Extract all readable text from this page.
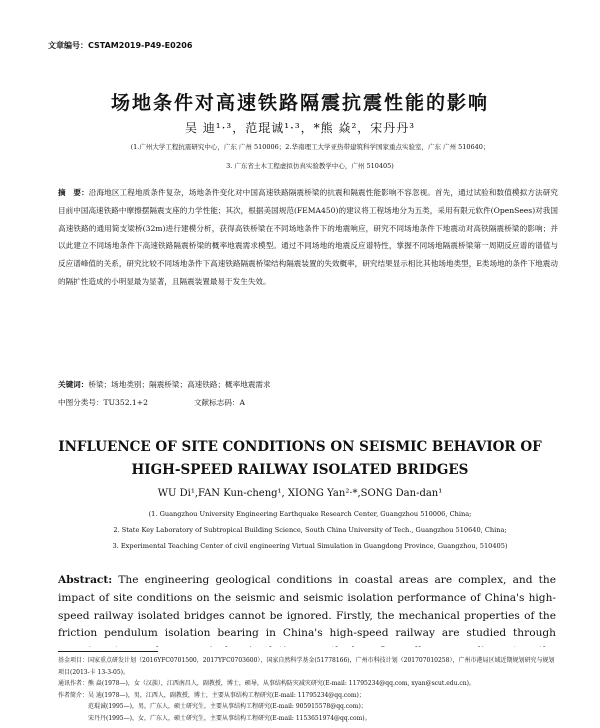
文章编号：CSTAM2019-P49-E0206
场地条件对高速铁路隔震抗震性能的影响
吴 迪¹·³，范琨诚¹·³，*熊 焱²，宋丹丹³
(1.广州大学工程抗震研究中心，广东 广州 510006；2.华南理工大学亚热带建筑科学国家重点实验室，广东 广州 510640；
3. 广东省土木工程虚拟仿真实验教学中心，广州 510405)
摘　要：沿海地区工程地质条件复杂，场地条件变化对中国高速铁路隔震桥梁的抗震和隔震性能影响不容忽视。首先，通过试验和数值模拟方法研究目前中国高速铁路中摩擦摆隔震支座的力学性能；其次，根据美国规范(FEMA450)的建议将工程场地分为五类，采用有限元软件(OpenSees)对我国高速铁路的通用简支梁桥(32m)进行建模分析，获得高铁桥梁在不同场地条件下的地震响应，研究不同场地条件下地震动对高铁隔震桥梁的影响；并以此建立不同场地条件下高速铁路隔震桥梁的概率地震需求模型。通过不同场地的地震反应谱特性，掌握不同场地隔震桥梁第一周期反应谱的谱值与反应谱峰值的关系，研究比较不同场地条件下高速铁路隔震桥梁结构隔震装置的失效概率，研究结果显示相比其他场地类型，E类场地的条件下地震动的隔扩性造成的小明显最为显著，且隔震装置最易于发生失效。
关键词：桥梁；场地类别；隔震桥梁；高速铁路；概率地震需求
中图分类号：TU352.1+2	文献标志码：A
INFLUENCE OF SITE CONDITIONS ON SEISMIC BEHAVIOR OF
HIGH-SPEED RAILWAY ISOLATED BRIDGES
WU Di¹,FAN Kun-cheng¹, XIONG Yan²·*,SONG Dan-dan¹
(1. Guangzhou University Engineering Earthquake Research Center, Guangzhou 510006, China;
2. State Key Laboratory of Subtropical Building Science, South China University of Tech., Guangzhou 510640, China;
3. Experimental Teaching Center of civil engineering Virtual Simulation in Guangdong Province, Guangzhou, 510405)
Abstract: The engineering geological conditions in coastal areas are complex, and the impact of site conditions on the seismic and seismic isolation performance of China's high-speed railway isolated bridges cannot be ignored. Firstly, the mechanical properties of the friction pendulum isolation bearing in China's high-speed railway are studied through
基金项目：国家重点研发计划（2016YFC0701500，2017YFC0703600），国家自然科学基金(51778166)，广州市科技计划（201707010258），广州市港局区域近期规划研究与规划项目(2013-卡 13-3-05)。
通讯作者：熊 焱(1978—)，女（汉族），江西南昌人，副教授，博士，硕导，从事结构防灾减灾研究(E-mail: 11795234@qq.com, xyan@scut.edu.cn)。
作者简介：吴 迪(1978—)，男，江西人，副教授，博士，主要从事结构工程研究(E-mail: 11795234@qq.com)；
范琨诚(1995—)，男，广东人，硕士研究生，主要从事结构工程研究(E-mail: 905915578@qq.com)；
宋丹丹(1995—)，女，广东人，硕士研究生，主要从事结构工程研究(E-mail: 1153651974@qq.com)。
